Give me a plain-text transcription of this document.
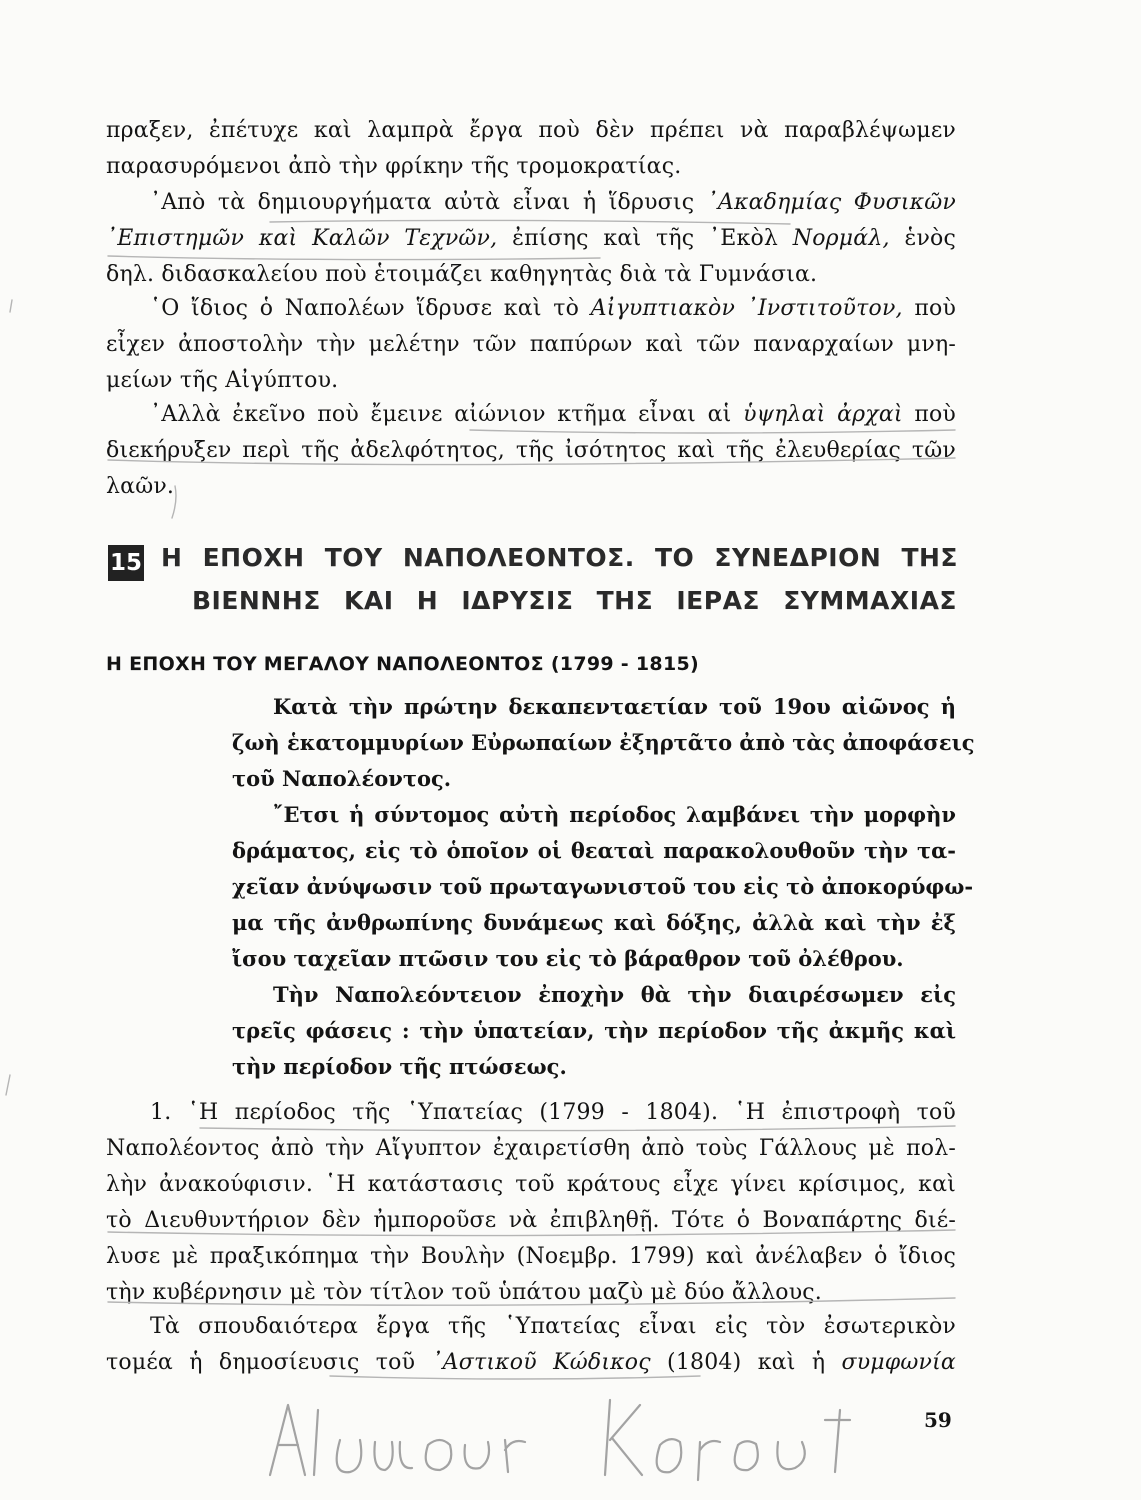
πραξεν, ἐπέτυχε καὶ λαμπρὰ ἔργα ποὺ δὲν πρέπει νὰ παραβλέψωμεν
παρασυρόμενοι ἀπὸ τὴν φρίκην τῆς τρομοκρατίας.
᾿Απὸ τὰ δημιουργήματα αὐτὰ εἶναι ἡ ἵδρυσις ᾿Ακαδημίας Φυσικῶν
᾿Επιστημῶν καὶ Καλῶν Τεχνῶν, ἐπίσης καὶ τῆς ᾿Εκὸλ Νορμάλ, ἑνὸς
δηλ. διδασκαλείου ποὺ ἑτοιμάζει καθηγητὰς διὰ τὰ Γυμνάσια.
῾Ο ἴδιος ὁ Ναπολέων ἵδρυσε καὶ τὸ Αἰγυπτιακὸν ᾿Ινστιτοῦτον, ποὺ
εἶχεν ἀποστολὴν τὴν μελέτην τῶν παπύρων καὶ τῶν παναρχαίων μνη-
μείων τῆς Αἰγύπτου.
᾿Αλλὰ ἐκεῖνο ποὺ ἔμεινε αἰώνιον κτῆμα εἶναι αἱ ὑψηλαὶ ἀρχαὶ ποὺ
διεκήρυξεν περὶ τῆς ἀδελφότητος, τῆς ἰσότητος καὶ τῆς ἐλευθερίας τῶν
λαῶν.
15 Η ΕΠΟΧΗ ΤΟΥ ΝΑΠΟΛΕΟΝΤΟΣ. ΤΟ ΣΥΝΕΔΡΙΟΝ ΤΗΣ
ΒΙΕΝΝΗΣ ΚΑΙ Η ΙΔΡΥΣΙΣ ΤΗΣ ΙΕΡΑΣ ΣΥΜΜΑΧΙΑΣ
Η ΕΠΟΧΗ ΤΟΥ ΜΕΓΑΛΟΥ ΝΑΠΟΛΕΟΝΤΟΣ (1799 - 1815)
Κατὰ τὴν πρώτην δεκαπενταετίαν τοῦ 19ου αἰῶνος ἡ
ζωὴ ἑκατομμυρίων Εὐρωπαίων ἐξηρτᾶτο ἀπὸ τὰς ἀποφάσεις
τοῦ Ναπολέοντος.
῎Ετσι ἡ σύντομος αὐτὴ περίοδος λαμβάνει τὴν μορφὴν
δράματος, εἰς τὸ ὁποῖον οἱ θεαταὶ παρακολουθοῦν τὴν τα-
χεῖαν ἀνύψωσιν τοῦ πρωταγωνιστοῦ του εἰς τὸ ἀποκορύφω-
μα τῆς ἀνθρωπίνης δυνάμεως καὶ δόξης, ἀλλὰ καὶ τὴν ἐξ
ἴσου ταχεῖαν πτῶσιν του εἰς τὸ βάραθρον τοῦ ὀλέθρου.
Τὴν Ναπολεόντειον ἐποχὴν θὰ τὴν διαιρέσωμεν εἰς
τρεῖς φάσεις : τὴν ὑπατείαν, τὴν περίοδον τῆς ἀκμῆς καὶ
τὴν περίοδον τῆς πτώσεως.
1. ῾Η περίοδος τῆς ῾Υπατείας (1799 - 1804). ῾Η ἐπιστροφὴ τοῦ
Ναπολέοντος ἀπὸ τὴν Αἴγυπτον ἐχαιρετίσθη ἀπὸ τοὺς Γάλλους μὲ πολ-
λὴν ἀνακούφισιν. ῾Η κατάστασις τοῦ κράτους εἶχε γίνει κρίσιμος, καὶ
τὸ Διευθυντήριον δὲν ἠμποροῦσε νὰ ἐπιβληθῇ. Τότε ὁ Βοναπάρτης διέ-
λυσε μὲ πραξικόπημα τὴν Βουλὴν (Νοεμβρ. 1799) καὶ ἀνέλαβεν ὁ ἴδιος
τὴν κυβέρνησιν μὲ τὸν τίτλον τοῦ ὑπάτου μαζὺ μὲ δύο ἄλλους.
Τὰ σπουδαιότερα ἔργα τῆς ῾Υπατείας εἶναι εἰς τὸν ἐσωτερικὸν
τομέα ἡ δημοσίευσις τοῦ ᾿Αστικοῦ Κώδικος (1804) καὶ ἡ συμφωνία
59
